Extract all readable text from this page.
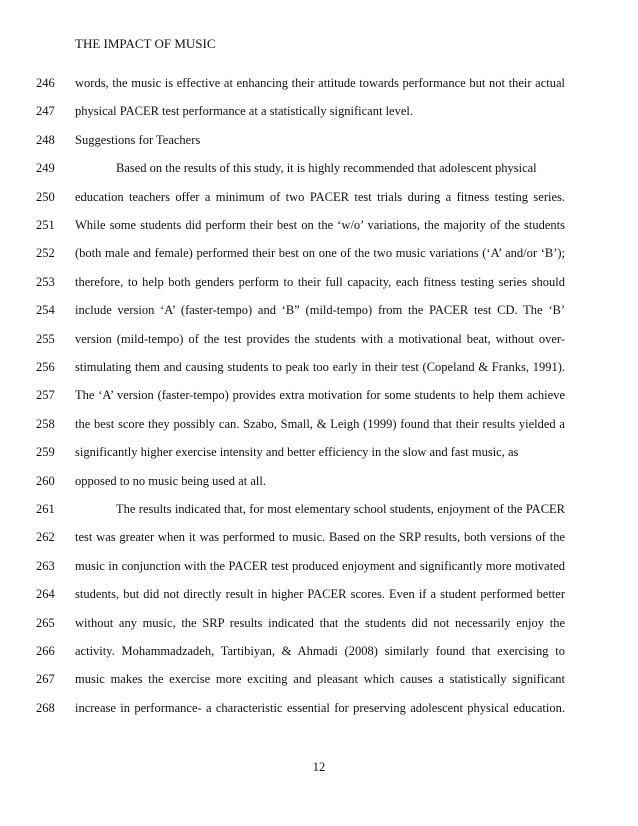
THE IMPACT OF MUSIC
246	words, the music is effective at enhancing their attitude towards performance but not their actual
247	physical PACER test performance at a statistically significant level.
248	Suggestions for Teachers
249	Based on the results of this study, it is highly recommended that adolescent physical
250	education teachers offer a minimum of two PACER test trials during a fitness testing series.
251	While some students did perform their best on the ‘w/o’ variations, the majority of the students
252	(both male and female) performed their best on one of the two music variations (‘A’ and/or ‘B’);
253	therefore, to help both genders perform to their full capacity, each fitness testing series should
254	include version ‘A’ (faster-tempo) and ‘B” (mild-tempo) from the PACER test CD. The ‘B’
255	version (mild-tempo) of the test provides the students with a motivational beat, without over-
256	stimulating them and causing students to peak too early in their test (Copeland & Franks, 1991).
257	The ‘A’ version (faster-tempo) provides extra motivation for some students to help them achieve
258	the best score they possibly can. Szabo, Small, & Leigh (1999) found that their results yielded a
259	significantly higher exercise intensity and better efficiency in the slow and fast music, as
260	opposed to no music being used at all.
261	The results indicated that, for most elementary school students, enjoyment of the PACER
262	test was greater when it was performed to music. Based on the SRP results, both versions of the
263	music in conjunction with the PACER test produced enjoyment and significantly more motivated
264	students, but did not directly result in higher PACER scores. Even if a student performed better
265	without any music, the SRP results indicated that the students did not necessarily enjoy the
266	activity. Mohammadzadeh, Tartibiyan, & Ahmadi (2008) similarly found that exercising to
267	music makes the exercise more exciting and pleasant which causes a statistically significant
268	increase in performance- a characteristic essential for preserving adolescent physical education.
12
